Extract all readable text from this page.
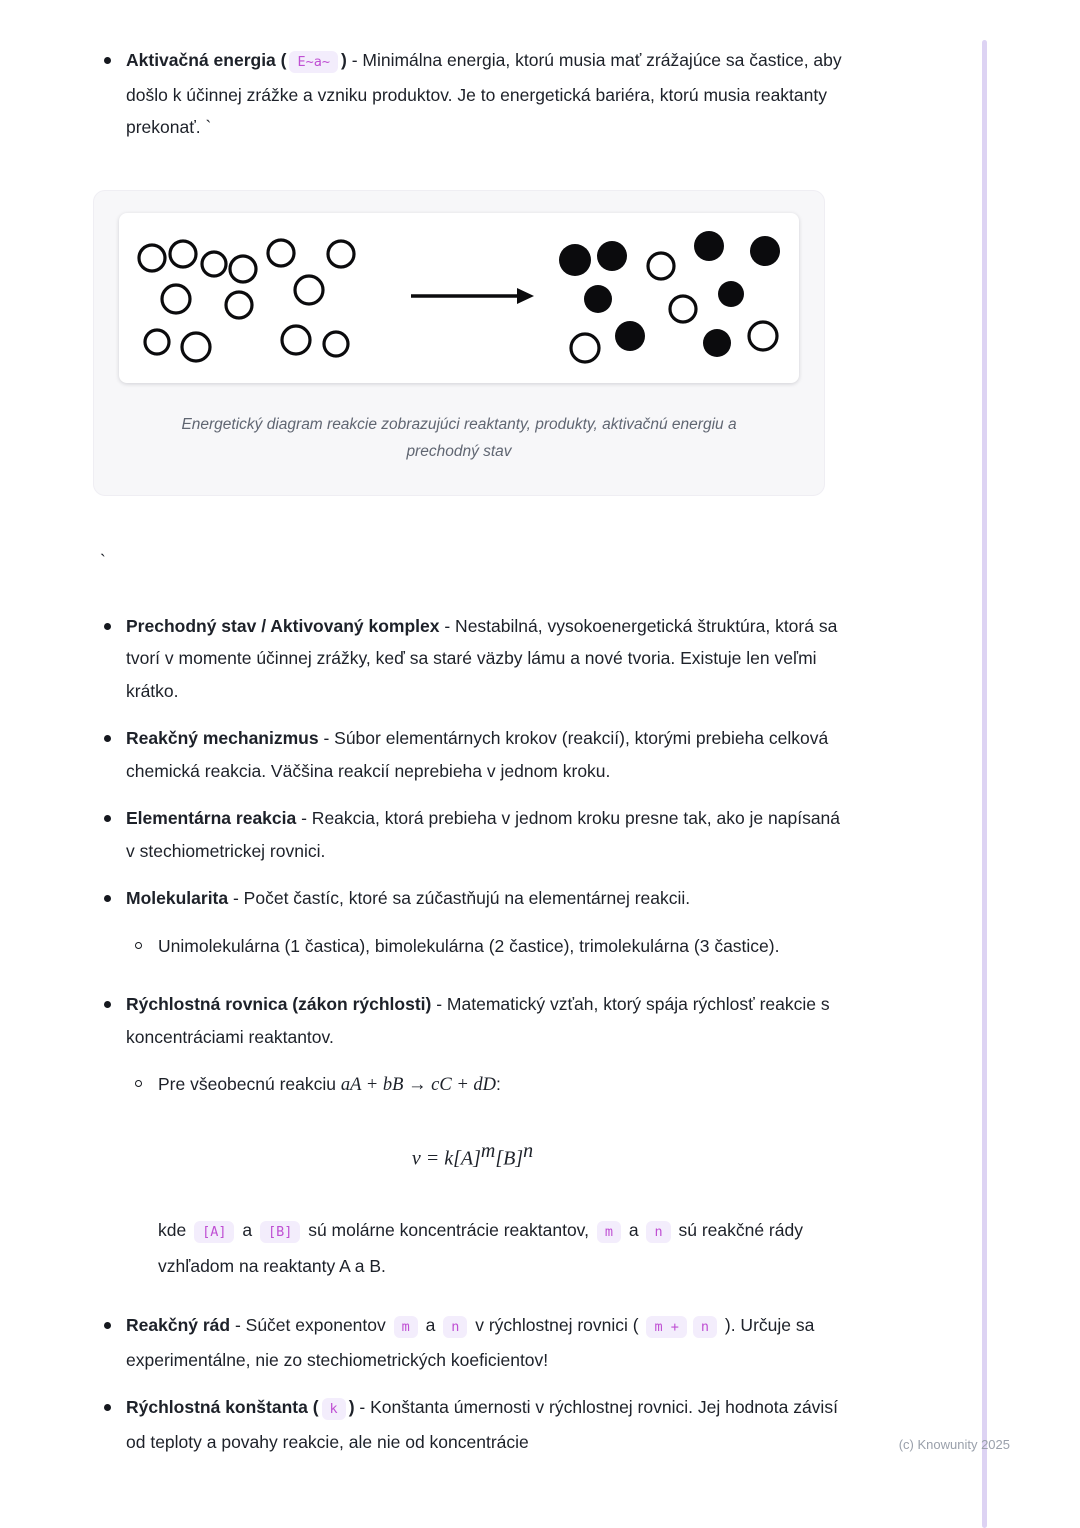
Aktivačná energia ( E~a~ ) - Minimálna energia, ktorú musia mať zrážajúce sa častice, aby došlo k účinnej zrážke a vzniku produktov. Je to energetická bariéra, ktorú musia reaktanty prekonať. `
Energetický diagram reakcie zobrazujúci reaktanty, produkty, aktivačnú energiu a prechodný stav
`
Prechodný stav / Aktivovaný komplex - Nestabilná, vysokoenergetická štruktúra, ktorá sa tvorí v momente účinnej zrážky, keď sa staré väzby lámu a nové tvoria. Existuje len veľmi krátko.
Reakčný mechanizmus - Súbor elementárnych krokov (reakcií), ktorými prebieha celková chemická reakcia. Väčšina reakcií neprebieha v jednom kroku.
Elementárna reakcia - Reakcia, ktorá prebieha v jednom kroku presne tak, ako je napísaná v stechiometrickej rovnici.
Molekularita - Počet častíc, ktoré sa zúčastňujú na elementárnej reakcii.
Unimolekulárna (1 častica), bimolekulárna (2 častice), trimolekulárna (3 častice).
Rýchlostná rovnica (zákon rýchlosti) - Matematický vzťah, ktorý spája rýchlosť reakcie s koncentráciami reaktantov.
Pre všeobecnú reakciu aA + bB → cC + dD:
$v = k[A]^m[B]^n$
kde [A] a [B] sú molárne koncentrácie reaktantov, m a n sú reakčné rády vzhľadom na reaktanty A a B.
Reakčný rád - Súčet exponentov m a n v rýchlostnej rovnici ( m + n ). Určuje sa experimentálne, nie zo stechiometrických koeficientov!
Rýchlostná konštanta ( k ) - Konštanta úmernosti v rýchlostnej rovnici. Jej hodnota závisí od teploty a povahy reakcie, ale nie od koncentrácie	(c) Knowunity 2025
